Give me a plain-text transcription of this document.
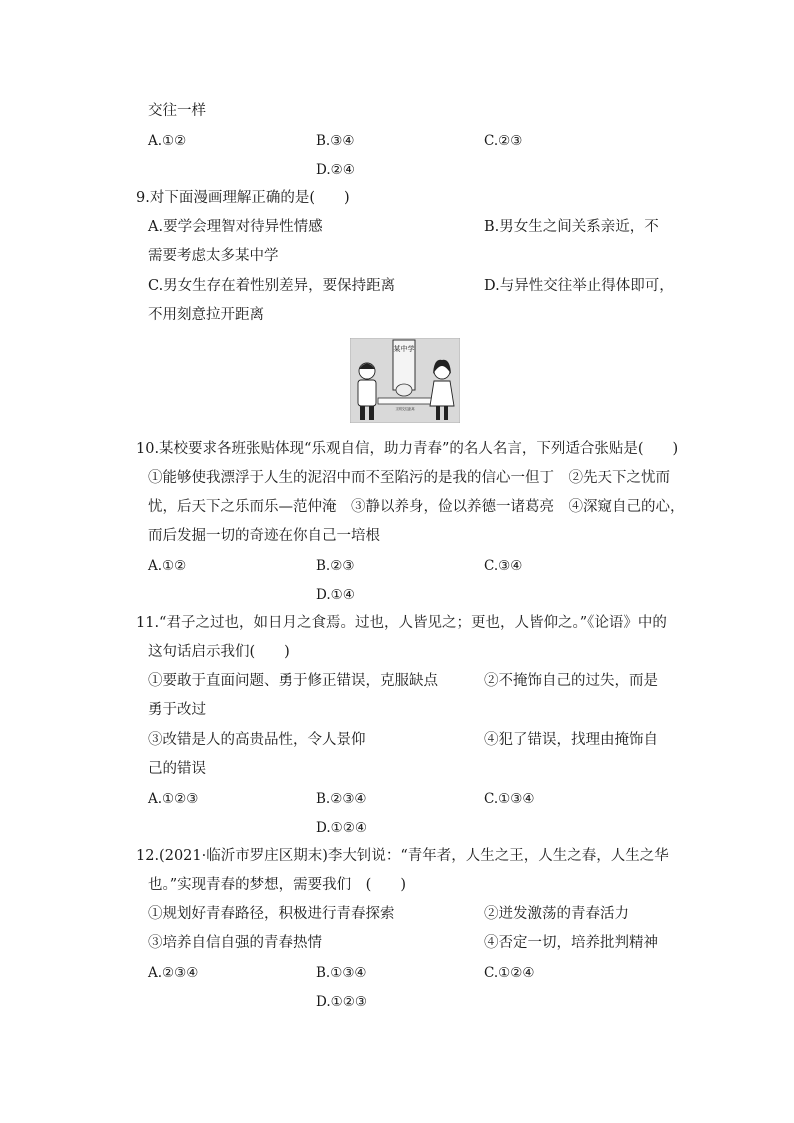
交往一样
A.①②	B.③④	C.②③
D.②④
9.对下面漫画理解正确的是(　　)
A.要学会理智对待异性情感	B.男女生之间关系亲近，不
需要考虑太多某中学
C.男女生存在着性别差异，要保持距离	D.与异性交往举止得体即可，
不用刻意拉开距离
某中学
文明交往距离
10.某校要求各班张贴体现“乐观自信，助力青春”的名人名言，下列适合张贴是(　　)
①能够使我漂浮于人生的泥沼中而不至陷污的是我的信心一但丁　②先天下之忧而
忧，后天下之乐而乐—范仲淹　③静以养身，俭以养德一诸葛亮　④深窥自己的心，
而后发掘一切的奇迹在你自己一培根
A.①②	B.②③	C.③④
D.①④
11.“君子之过也，如日月之食焉。过也，人皆见之；更也，人皆仰之。”《论语》中的
这句话启示我们(　　)
①要敢于直面问题、勇于修正错误，克服缺点	②不掩饰自己的过失，而是
勇于改过
③改错是人的高贵品性，令人景仰	④犯了错误，找理由掩饰自
己的错误
A.①②③	B.②③④	C.①③④
D.①②④
12.(2021·临沂市罗庄区期末)李大钊说：“青年者，人生之王，人生之春，人生之华
也。”实现青春的梦想，需要我们　(　　)
①规划好青春路径，积极进行青春探索	②迸发激荡的青春活力
③培养自信自强的青春热情	④否定一切，培养批判精神
A.②③④	B.①③④	C.①②④
D.①②③
